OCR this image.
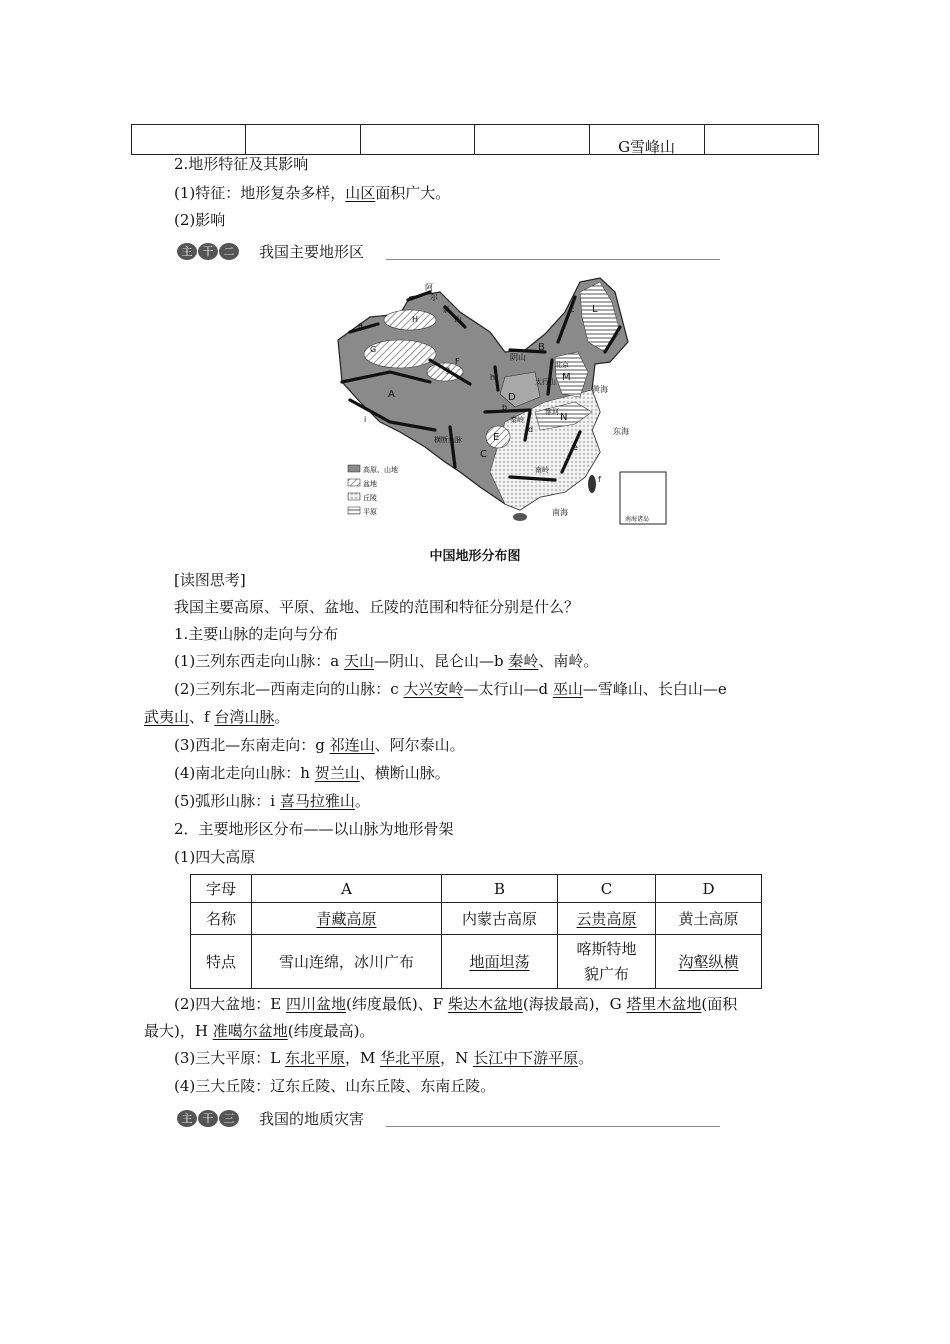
				G雪峰山	
2.地形特征及其影响
(1)特征：地形复杂多样，山区面积广大。
(2)影响
主 干 二	我国主要地形区
南海诸岛
阿
尔
泰
山
H
G
F
A
B
C
D
E
L
M
N
a
b
c
d
e
f
g
h
i
阴山
北京
太行山
横断山脉
淮河
南岭
秦岭
黄海
东海
南海
高原、山地
盆地
丘陵
平原
中国地形分布图
[读图思考]
我国主要高原、平原、盆地、丘陵的范围和特征分别是什么？
1.主要山脉的走向与分布
(1)三列东西走向山脉：a 天山—阴山、昆仑山—b 秦岭、南岭。
(2)三列东北—西南走向的山脉：c 大兴安岭—太行山—d 巫山—雪峰山、长白山—e
武夷山、f 台湾山脉。
(3)西北—东南走向：g 祁连山、阿尔泰山。
(4)南北走向山脉：h 贺兰山、横断山脉。
(5)弧形山脉：i 喜马拉雅山。
2．主要地形区分布——以山脉为地形骨架
(1)四大高原
字母	A	B	C	D
名称	青藏高原	内蒙古高原	云贵高原	黄土高原
特点	雪山连绵，冰川广布	地面坦荡	喀斯特地貌广布	沟壑纵横
(2)四大盆地：E 四川盆地(纬度最低)、F 柴达木盆地(海拔最高)，G 塔里木盆地(面积
最大)，H 准噶尔盆地(纬度最高)。
(3)三大平原：L 东北平原，M 华北平原，N 长江中下游平原。
(4)三大丘陵：辽东丘陵、山东丘陵、东南丘陵。
主 干 三	我国的地质灾害
